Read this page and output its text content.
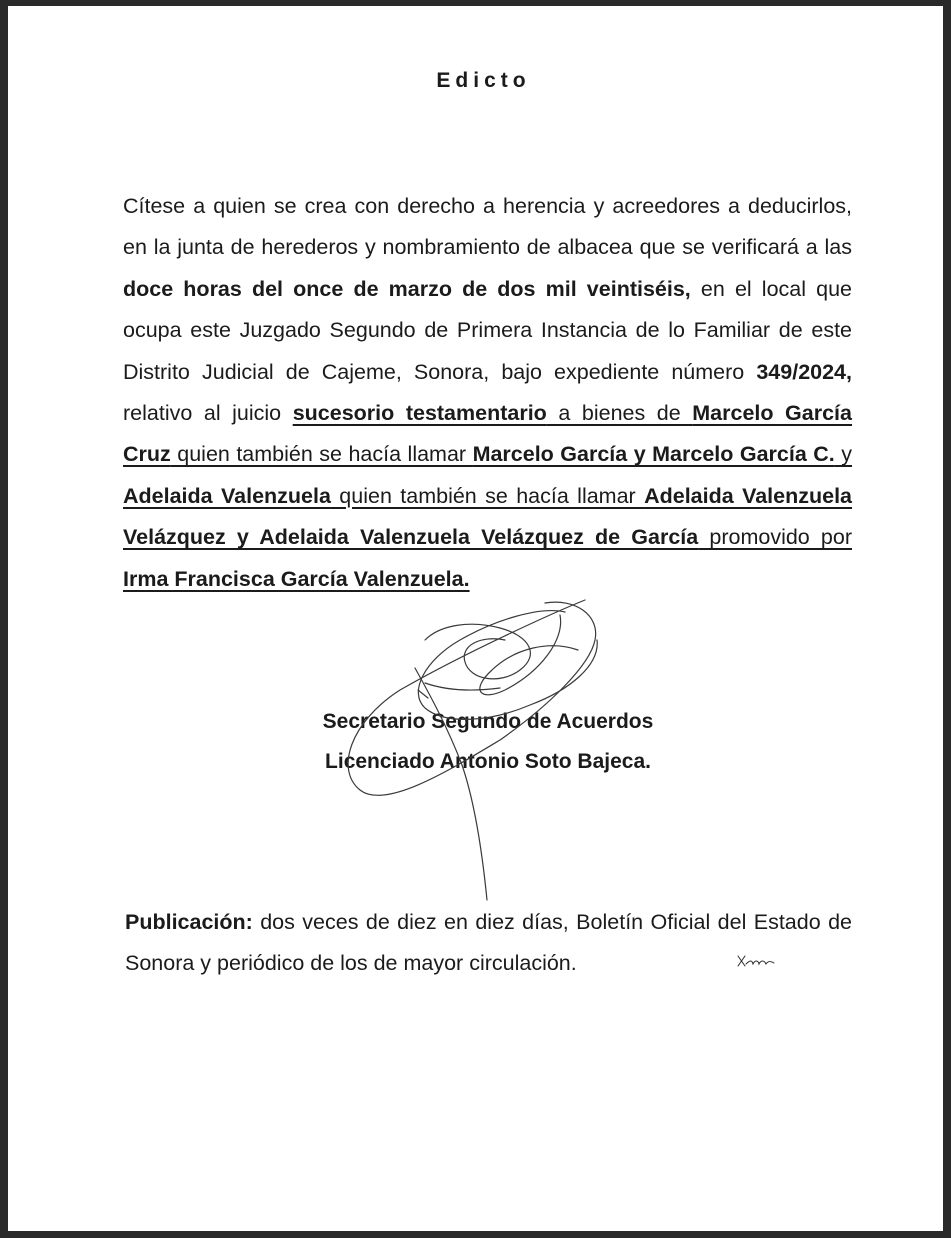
Edicto

Cítese a quien se crea con derecho a herencia y acreedores a deducirlos, en la junta de herederos y nombramiento de albacea que se verificará a las doce horas del once de marzo de dos mil veintiséis, en el local que ocupa este Juzgado Segundo de Primera Instancia de lo Familiar de este Distrito Judicial de Cajeme, Sonora, bajo expediente número 349/2024, relativo al juicio sucesorio testamentario a bienes de Marcelo García Cruz quien también se hacía llamar Marcelo García y Marcelo García C. y Adelaida Valenzuela quien también se hacía llamar Adelaida Valenzuela Velázquez y Adelaida Valenzuela Velázquez de García promovido por Irma Francisca García Valenzuela.

Secretario Segundo de Acuerdos
Licenciado Antonio Soto Bajeca.

Publicación: dos veces de diez en diez días, Boletín Oficial del Estado de Sonora y periódico de los de mayor circulación.
